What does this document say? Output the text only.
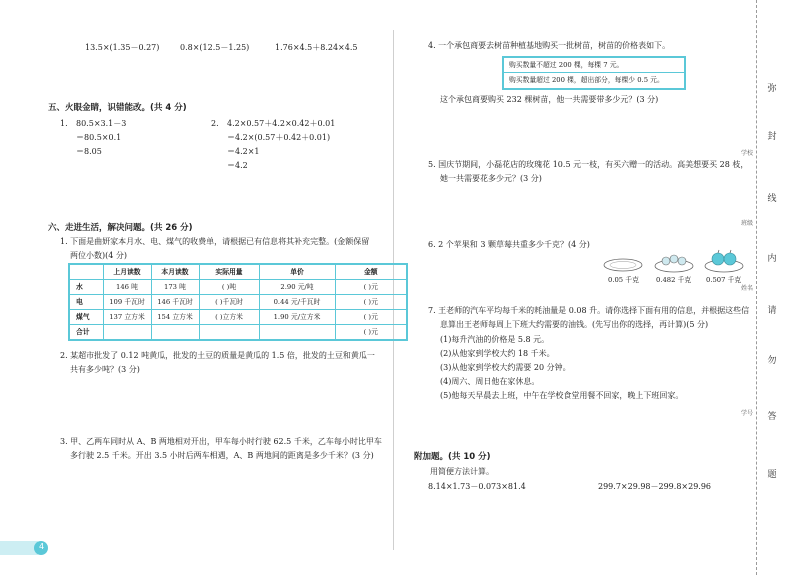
13.5×(1.35－0.27)	0.8×(12.5－1.25)	1.76×4.5＋8.24×4.5
五、火眼金睛，识错能改。(共 4 分)
1. 80.5×3.1－3
＝80.5×0.1
＝8.05
2. 4.2×0.57＋4.2×0.42＋0.01
＝4.2×(0.57＋0.42＋0.01)
＝4.2×1
＝4.2
六、走进生活，解决问题。(共 26 分)
1. 下面是曲妍家本月水、电、煤气的收费单，请根据已有信息将其补充完整。(金额保留
两位小数)(4 分)
	上月读数	本月读数	实际用量	单价	金额
水	146 吨	173 吨	( )吨	2.90 元/吨	( )元
电	109 千瓦时	146 千瓦时	( )千瓦时	0.44 元/千瓦时	( )元
煤气	137 立方米	154 立方米	( )立方米	1.90 元/立方米	( )元
合计					( )元
2. 某超市批发了 0.12 吨黄瓜，批发的土豆的质量是黄瓜的 1.5 倍，批发的土豆和黄瓜一
共有多少吨？(3 分)
3. 甲、乙两车同时从 A、B 两地相对开出，甲车每小时行驶 62.5 千米，乙车每小时比甲车
多行驶 2.5 千米。开出 3.5 小时后两车相遇，A、B 两地间的距离是多少千米？(3 分)
4. 一个承包商要去树苗种植基地购买一批树苗，树苗的价格表如下。
购买数量不超过 200 棵，每棵 7 元。
购买数量超过 200 棵，超出部分，每棵少 0.5 元。
这个承包商要购买 232 棵树苗，他一共需要带多少元？(3 分)
5. 国庆节期间，小磊花店的玫瑰花 10.5 元一枝，有买六赠一的活动。高美想要买 28 枝，
她一共需要花多少元？(3 分)
6. 2 个苹果和 3 颗草莓共重多少千克？(4 分)
0.05 千克	0.482 千克 0.507 千克
7. 王老师的汽车平均每千米的耗油量是 0.08 升。请你选择下面有用的信息，并根据这些信
息算出王老师每周上下班大约需要的油钱。(先写出你的选择，再计算)(5 分)
(1)每升汽油的价格是 5.8 元。
(2)从他家到学校大约 18 千米。
(3)从他家到学校大约需要 20 分钟。
(4)周六、周日他在家休息。
(5)他每天早晨去上班，中午在学校食堂用餐不回家，晚上下班回家。
附加题。(共 10 分)
用简便方法计算。
8.14×1.73－0.073×81.4	299.7×29.98－299.8×29.96
弥
封
线
内
请
勿
答
题
学校
班级
姓名
学号
4
